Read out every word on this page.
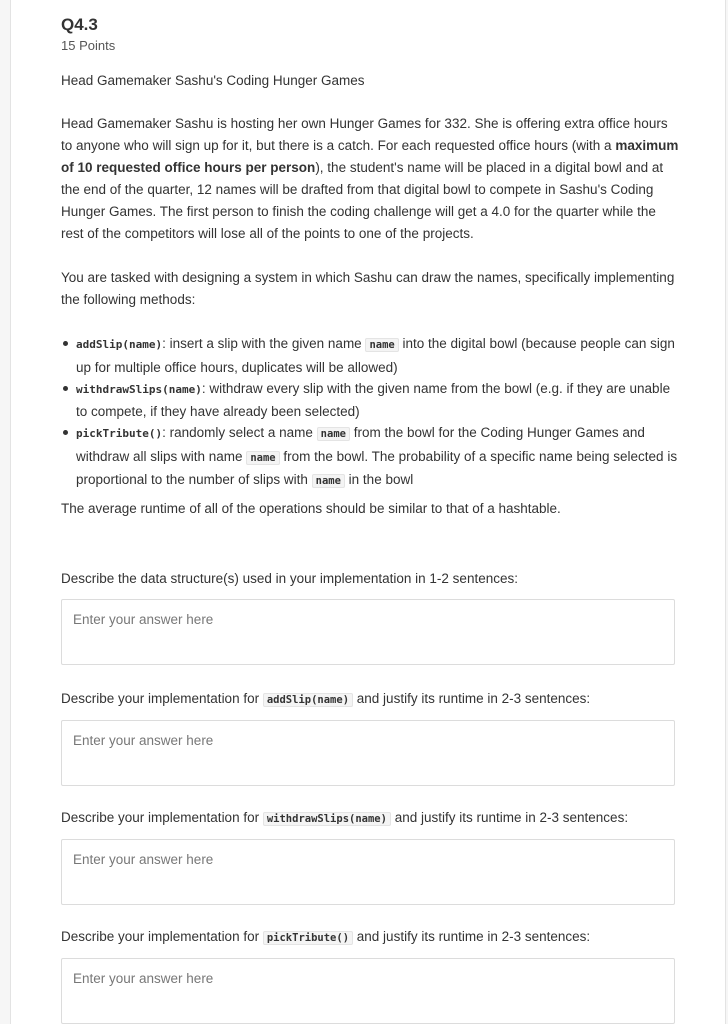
Q4.3
15 Points
Head Gamemaker Sashu's Coding Hunger Games

Head Gamemaker Sashu is hosting her own Hunger Games for 332. She is offering extra office hours to anyone who will sign up for it, but there is a catch. For each requested office hours (with a maximum of 10 requested office hours per person), the student's name will be placed in a digital bowl and at the end of the quarter, 12 names will be drafted from that digital bowl to compete in Sashu's Coding Hunger Games. The first person to finish the coding challenge will get a 4.0 for the quarter while the rest of the competitors will lose all of the points to one of the projects.

You are tasked with designing a system in which Sashu can draw the names, specifically implementing the following methods:

addSlip(name): insert a slip with the given name name into the digital bowl (because people can sign up for multiple office hours, duplicates will be allowed)
withdrawSlips(name): withdraw every slip with the given name from the bowl (e.g. if they are unable to compete, if they have already been selected)
pickTribute(): randomly select a name name from the bowl for the Coding Hunger Games and withdraw all slips with name name from the bowl. The probability of a specific name being selected is proportional to the number of slips with name in the bowl

The average runtime of all of the operations should be similar to that of a hashtable.

Describe the data structure(s) used in your implementation in 1-2 sentences:
Enter your answer here
Describe your implementation for addSlip(name) and justify its runtime in 2-3 sentences:
Enter your answer here
Describe your implementation for withdrawSlips(name) and justify its runtime in 2-3 sentences:
Enter your answer here
Describe your implementation for pickTribute() and justify its runtime in 2-3 sentences:
Enter your answer here
